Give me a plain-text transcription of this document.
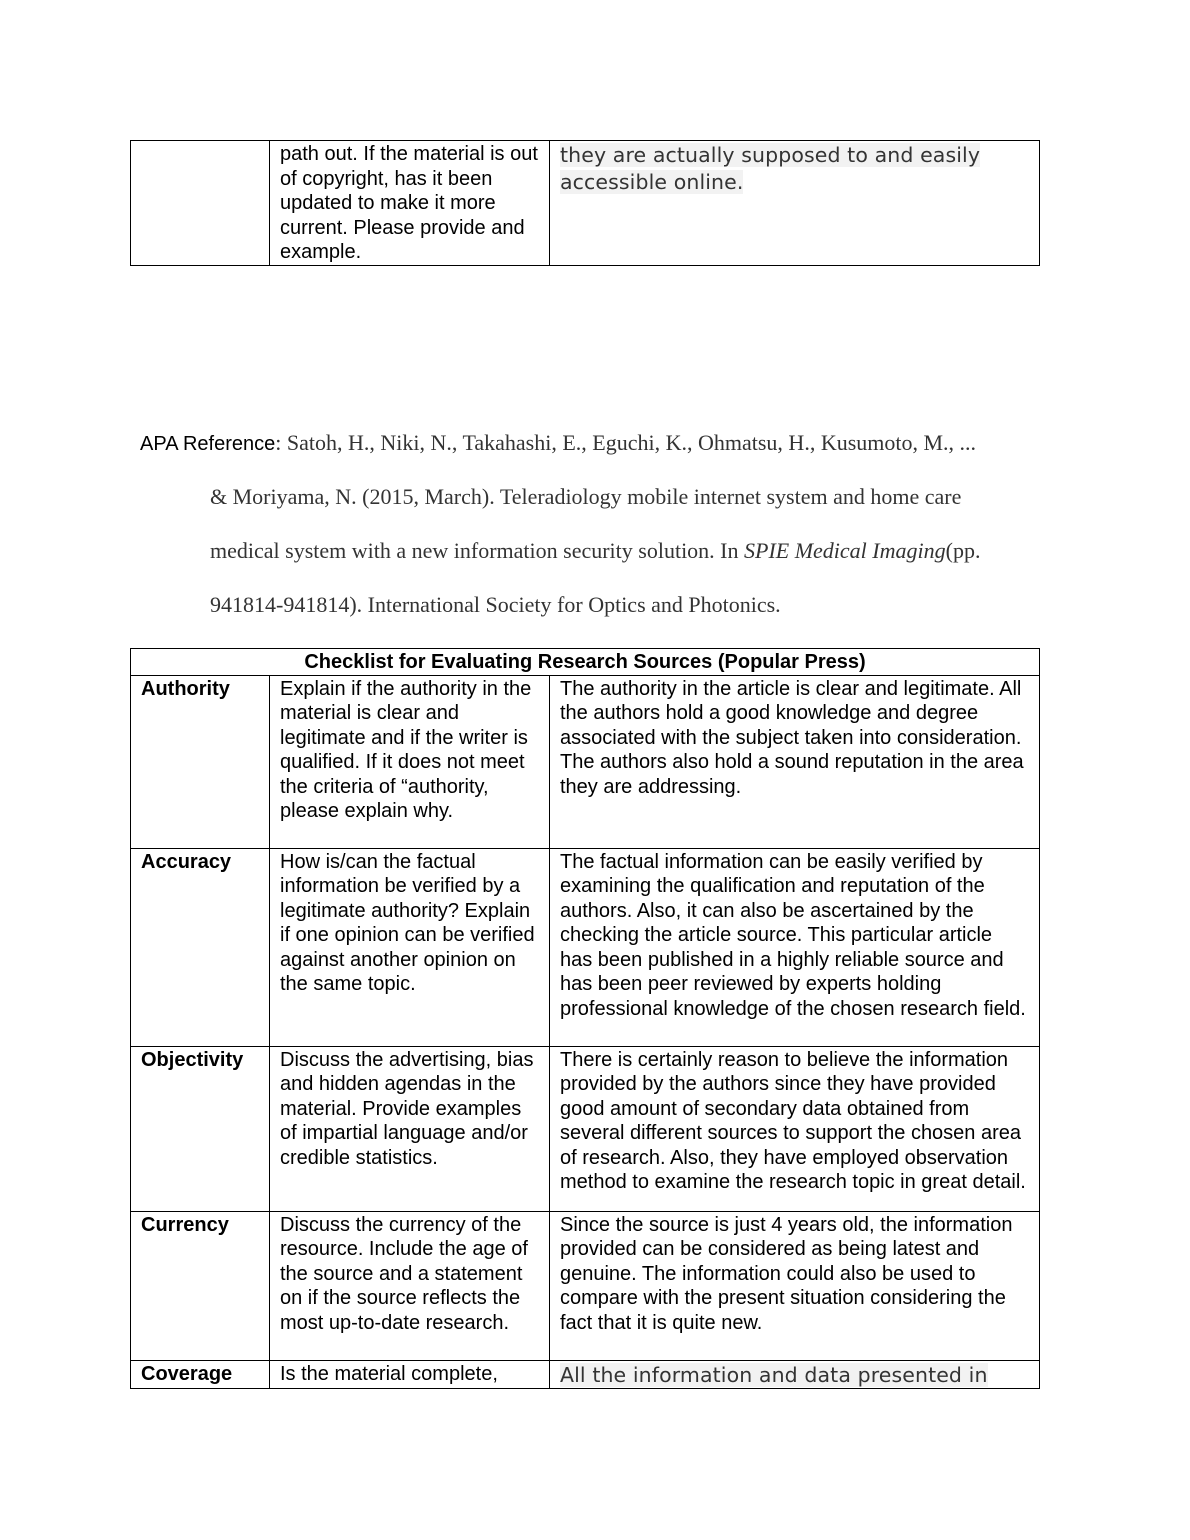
	path out. If the material is out of copyright, has it been updated to make it more current. Please provide and example.	they are actually supposed to and easily accessible online.
APA Reference: Satoh, H., Niki, N., Takahashi, E., Eguchi, K., Ohmatsu, H., Kusumoto, M., ...
& Moriyama, N. (2015, March). Teleradiology mobile internet system and home care
medical system with a new information security solution. In SPIE Medical Imaging(pp.
941814-941814). International Society for Optics and Photonics.
Checklist for Evaluating Research Sources (Popular Press)		
Authority	Explain if the authority in the material is clear and legitimate and if the writer is qualified. If it does not meet the criteria of “authority, please explain why.	The authority in the article is clear and legitimate. All the authors hold a good knowledge and degree associated with the subject taken into consideration. The authors also hold a sound reputation in the area they are addressing.
Accuracy	How is/can the factual information be verified by a legitimate authority? Explain if one opinion can be verified against another opinion on the same topic.	The factual information can be easily verified by examining the qualification and reputation of the authors. Also, it can also be ascertained by the checking the article source. This particular article has been published in a highly reliable source and has been peer reviewed by experts holding professional knowledge of the chosen research field.
Objectivity	Discuss the advertising, bias and hidden agendas in the material. Provide examples of impartial language and/or credible statistics.	There is certainly reason to believe the information provided by the authors since they have provided good amount of secondary data obtained from several different sources to support the chosen area of research. Also, they have employed observation method to examine the research topic in great detail.
Currency	Discuss the currency of the resource. Include the age of the source and a statement on if the source reflects the most up-to-date research.	Since the source is just 4 years old, the information provided can be considered as being latest and genuine. The information could also be used to compare with the present situation considering the fact that it is quite new.
Coverage	Is the material complete,	All the information and data presented in
